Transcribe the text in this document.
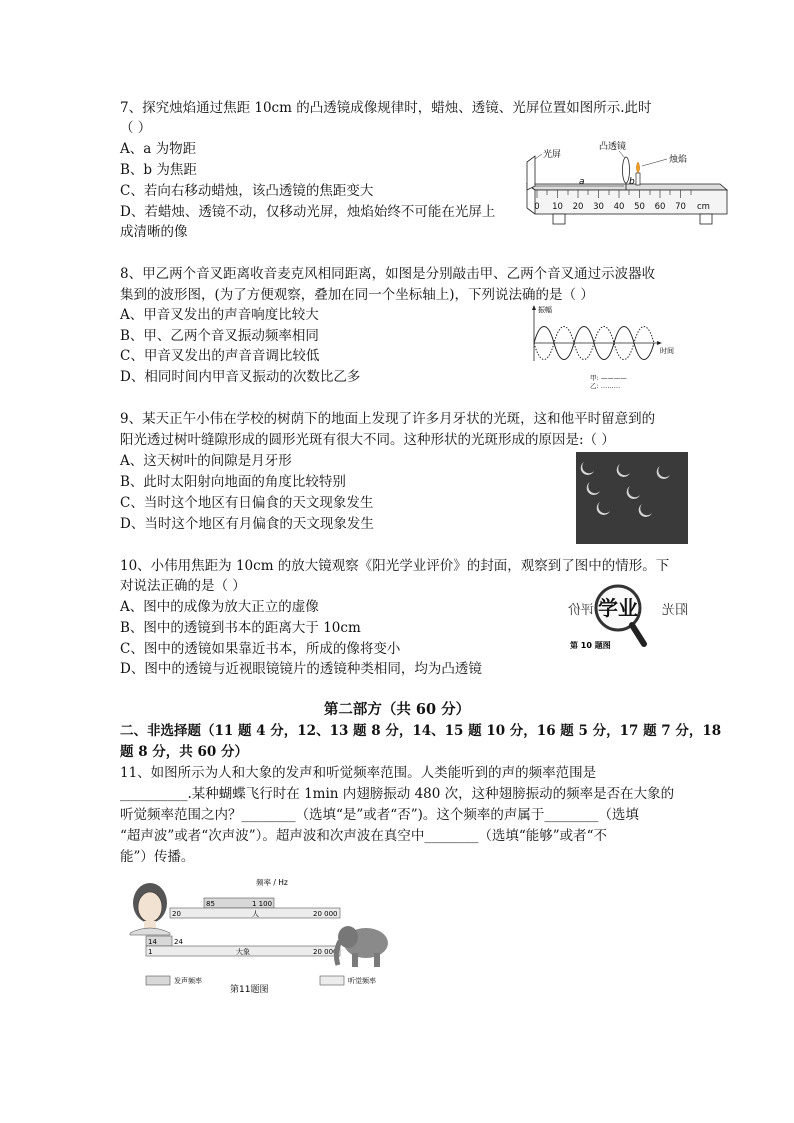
7、探究烛焰通过焦距 10cm 的凸透镜成像规律时，蜡烛、透镜、光屏位置如图所示.此时
（ ）
A、a 为物距
B、b 为焦距
C、若向右移动蜡烛，该凸透镜的焦距变大
D、若蜡烛、透镜不动，仅移动光屏，烛焰始终不可能在光屏上
成清晰的像
0 10 20 30 40 50 60 70 cm
光屏
凸透镜
烛焰
a	b
8、甲乙两个音叉距离收音麦克风相同距离，如图是分别敲击甲、乙两个音叉通过示波器收
集到的波形图，(为了方便观察，叠加在同一个坐标轴上)，下列说法确的是（ ）
A、甲音叉发出的声音响度比较大
B、甲、乙两个音叉振动频率相同
C、甲音叉发出的声音音调比较低
D、相同时间内甲音叉振动的次数比乙多
振幅
时间
甲: ————
乙: ………
9、某天正午小伟在学校的树荫下的地面上发现了许多月牙状的光斑，这和他平时留意到的
阳光透过树叶缝隙形成的圆形光斑有很大不同。这种形状的光斑形成的原因是:（ ）
A、这天树叶的间隙是月牙形
B、此时太阳射向地面的角度比较特别
C、当时这个地区有日偏食的天文现象发生
D、当时这个地区有月偏食的天文现象发生
10、小伟用焦距为 10cm 的放大镜观察《阳光学业评价》的封面，观察到了图中的情形。下
对说法正确的是（ ）
A、图中的成像为放大正立的虚像
B、图中的透镜到书本的距离大于 10cm
C、图中的透镜如果靠近书本，所成的像将变小
D、图中的透镜与近视眼镜镜片的透镜种类相同，均为凸透镜
评价 学业 阳光
第 10 题图
第二部方（共 60 分）
二、非选择题（11 题 4 分，12、13 题 8 分，14、15 题 10 分，16 题 5 分，17 题 7 分，18
题 8 分，共 60 分）
11、如图所示为人和大象的发声和听觉频率范围。人类能听到的声的频率范围是
__________.某种蝴蝶飞行时在 1min 内翅膀振动 480 次，这种翅膀振动的频率是否在大象的
听觉频率范围之内？________（选填“是”或者“否”)。这个频率的声属于________（选填
“超声波”或者“次声波”）。超声波和次声波在真空中________（选填“能够”或者“不
能”）传播。
频率 / Hz
85	1 100
20	人	20 000
14 24
1	大象	20 000
发声频率	听觉频率
第11题图
